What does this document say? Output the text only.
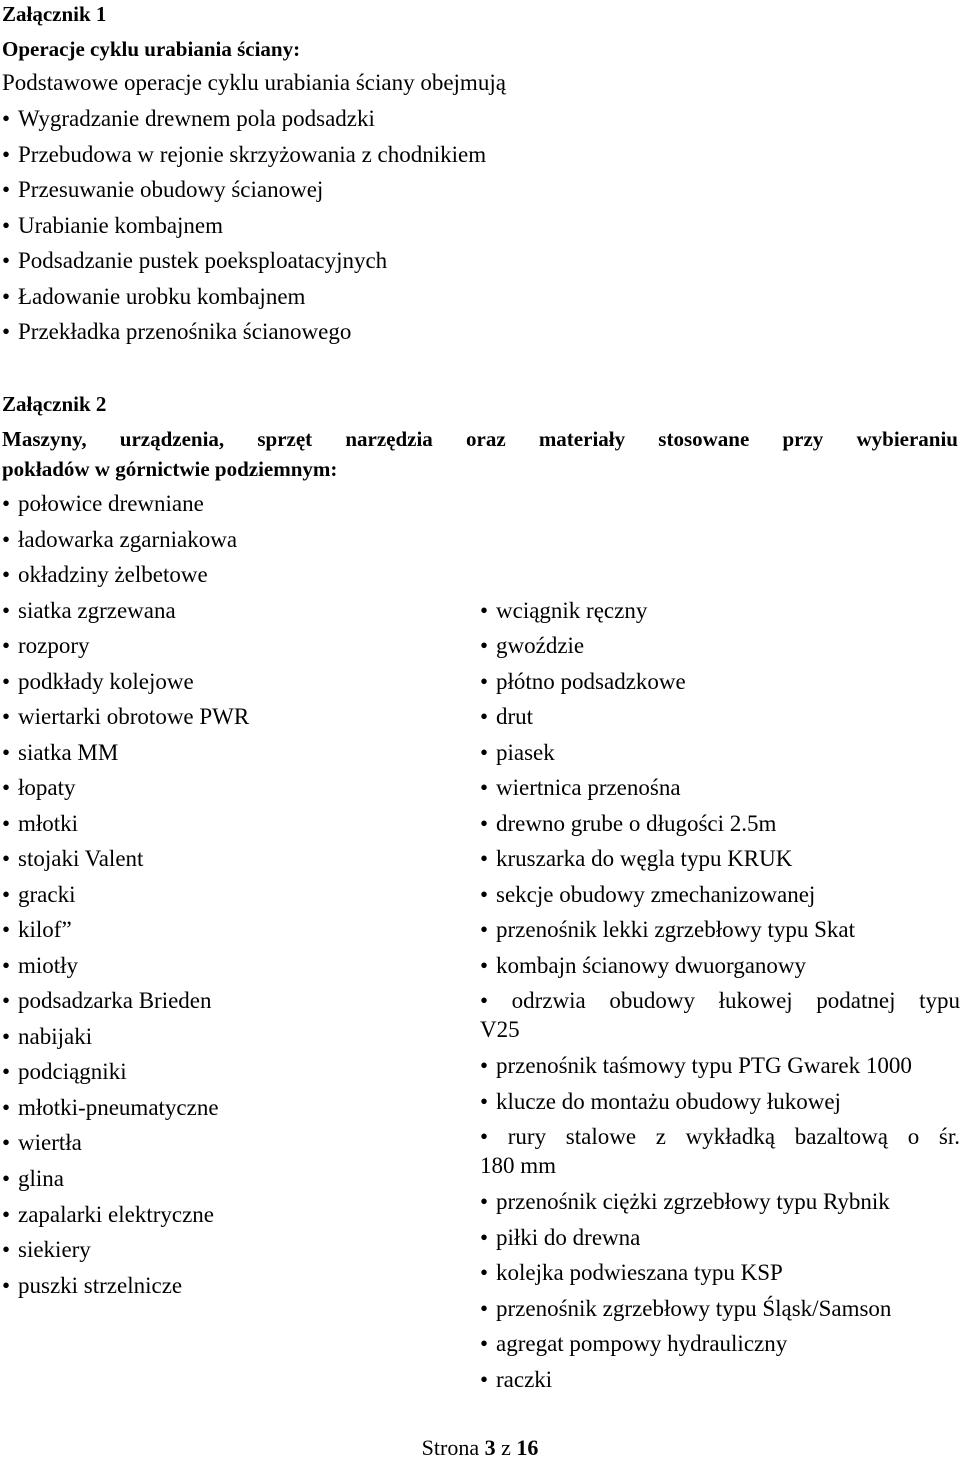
Załącznik 1
Operacje cyklu urabiania ściany:
Podstawowe operacje cyklu urabiania ściany obejmują
• Wygradzanie drewnem pola podsadzki
• Przebudowa w rejonie skrzyżowania z chodnikiem
• Przesuwanie obudowy ścianowej
• Urabianie kombajnem
• Podsadzanie pustek poeksploatacyjnych
• Ładowanie urobku kombajnem
• Przekładka przenośnika ścianowego
Załącznik 2
Maszyny, urządzenia, sprzęt narzędzia oraz materiały stosowane przy wybieraniu
pokładów w górnictwie podziemnym:
• połowice drewniane
• ładowarka zgarniakowa
• okładziny żelbetowe
• siatka zgrzewana
• rozpory
• podkłady kolejowe
• wiertarki obrotowe PWR
• siatka MM
• łopaty
• młotki
• stojaki Valent
• gracki
• kilof”
• miotły
• podsadzarka Brieden
• nabijaki
• podciągniki
• młotki-pneumatyczne
• wiertła
• glina
• zapalarki elektryczne
• siekiery
• puszki strzelnicze
• wciągnik ręczny
• gwoździe
• płótno podsadzkowe
• drut
• piasek
• wiertnica przenośna
• drewno grube o długości 2.5m
• kruszarka do węgla typu KRUK
• sekcje obudowy zmechanizowanej
• przenośnik lekki zgrzebłowy typu Skat
• kombajn ścianowy dwuorganowy
• odrzwia obudowy łukowej podatnej typu
V25
• przenośnik taśmowy typu PTG Gwarek 1000
• klucze do montażu obudowy łukowej
• rury stalowe z wykładką bazaltową o śr.
180 mm
• przenośnik ciężki zgrzebłowy typu Rybnik
• piłki do drewna
• kolejka podwieszana typu KSP
• przenośnik zgrzebłowy typu Śląsk/Samson
• agregat pompowy hydrauliczny
• raczki
Strona 3 z 16
